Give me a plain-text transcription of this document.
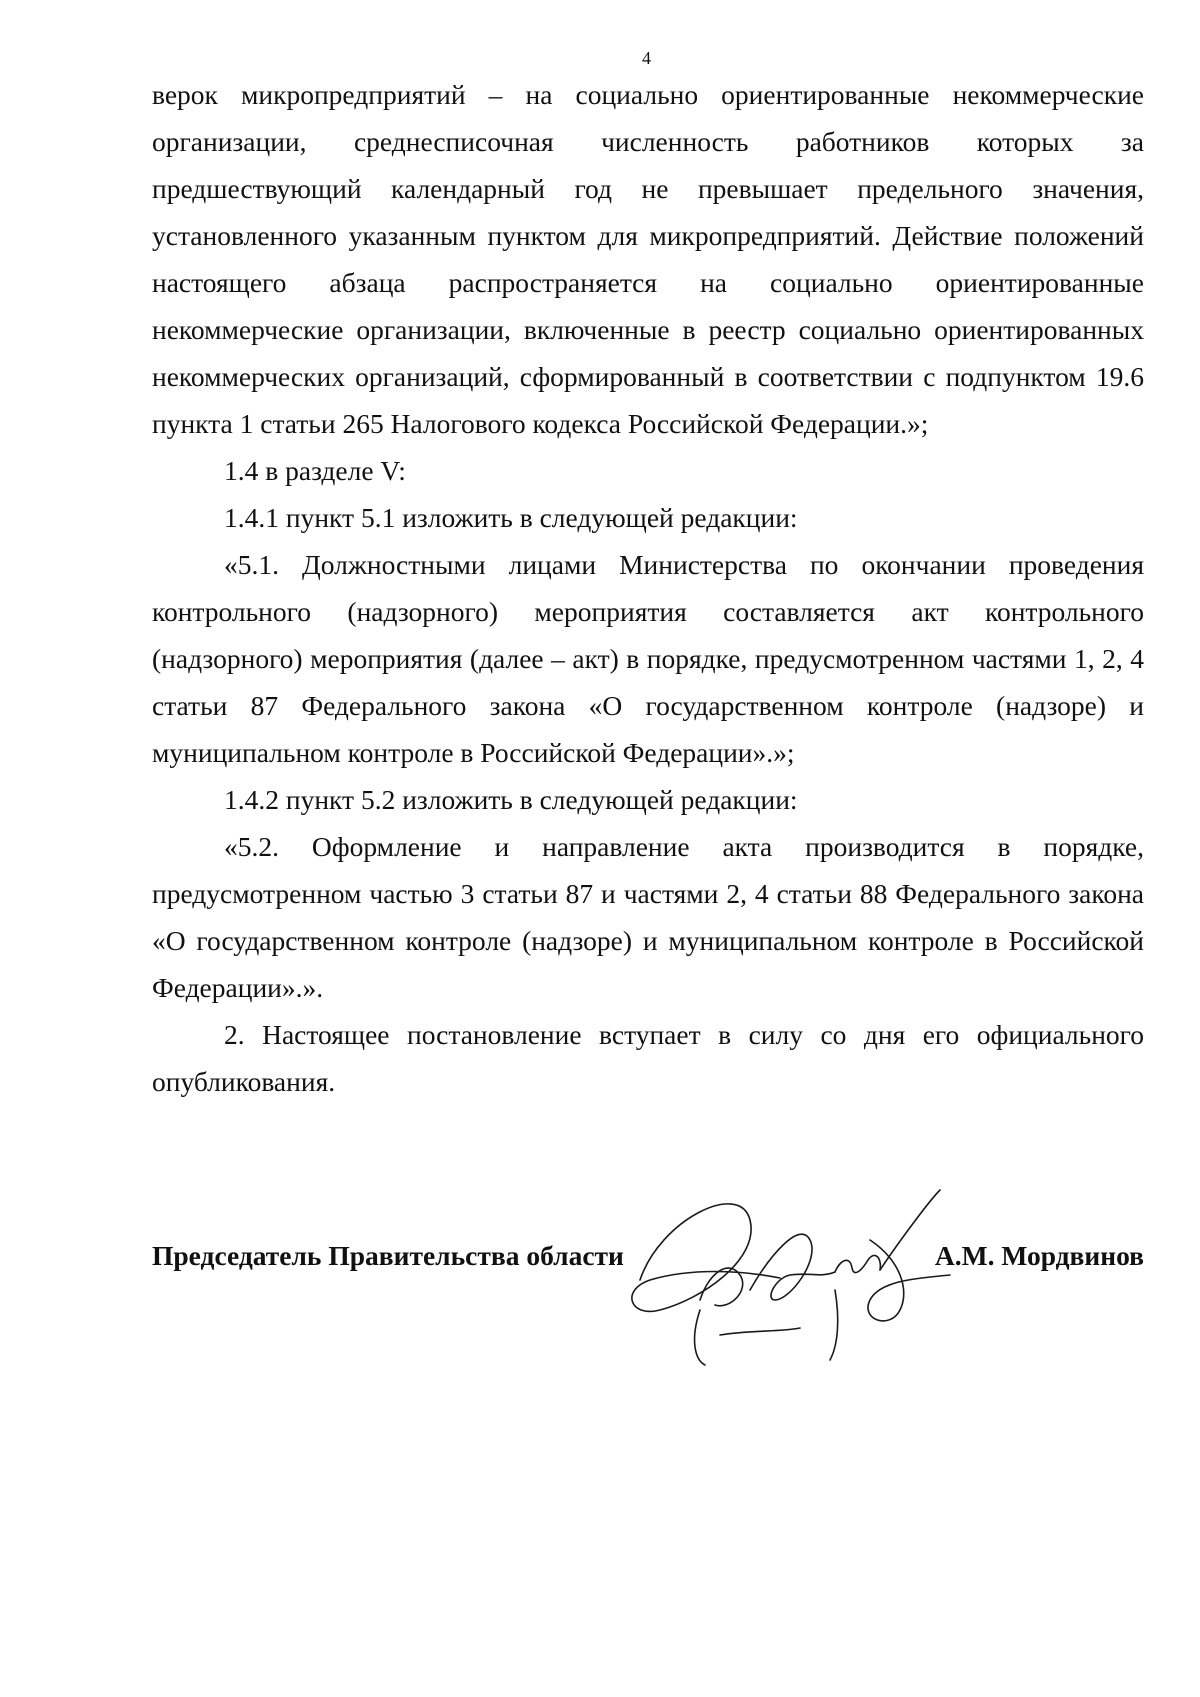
4

верок микропредприятий – на социально ориентированные некоммерческие организации, среднесписочная численность работников которых за предшествующий календарный год не превышает предельного значения, установленного указанным пунктом для микропредприятий. Действие положений настоящего абзаца распространяется на социально ориентированные некоммерческие организации, включенные в реестр социально ориентированных некоммерческих организаций, сформированный в соответствии с подпунктом 19.6 пункта 1 статьи 265 Налогового кодекса Российской Федерации.»;

1.4 в разделе V:

1.4.1 пункт 5.1 изложить в следующей редакции:

«5.1. Должностными лицами Министерства по окончании проведения контрольного (надзорного) мероприятия составляется акт контрольного (надзорного) мероприятия (далее – акт) в порядке, предусмотренном частями 1, 2, 4 статьи 87 Федерального закона «О государственном контроле (надзоре) и муниципальном контроле в Российской Федерации».»;

1.4.2 пункт 5.2 изложить в следующей редакции:

«5.2. Оформление и направление акта производится в порядке, предусмотренном частью 3 статьи 87 и частями 2, 4 статьи 88 Федерального закона «О государственном контроле (надзоре) и муниципальном контроле в Российской Федерации».».

2. Настоящее постановление вступает в силу со дня его официального опубликования.

Председатель Правительства области	А.М. Мордвинов
